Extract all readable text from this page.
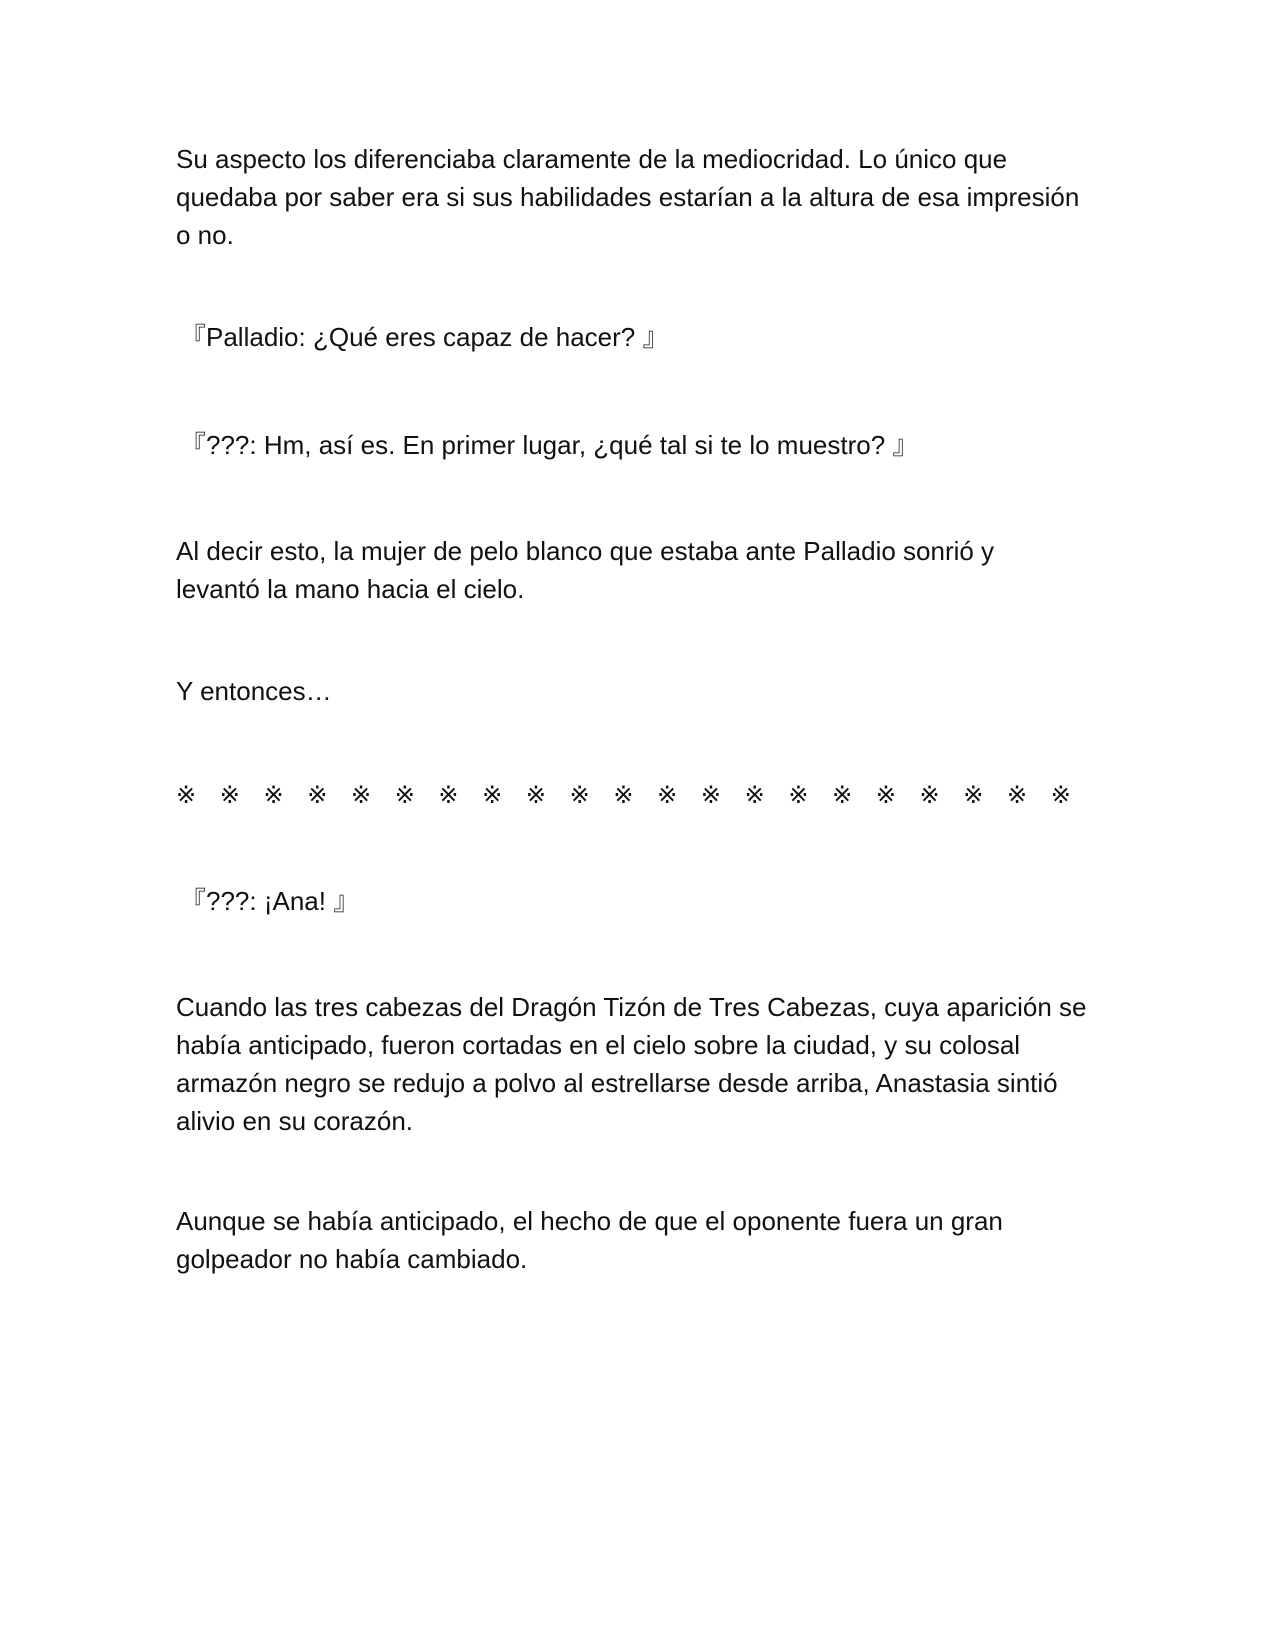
Su aspecto los diferenciaba claramente de la mediocridad. Lo único que
quedaba por saber era si sus habilidades estarían a la altura de esa impresión
o no.

『Palladio: ¿Qué eres capaz de hacer? 』

『???: Hm, así es. En primer lugar, ¿qué tal si te lo muestro? 』

Al decir esto, la mujer de pelo blanco que estaba ante Palladio sonrió y
levantó la mano hacia el cielo.

Y entonces…

※ ※ ※ ※ ※ ※ ※ ※ ※ ※ ※ ※ ※ ※ ※ ※ ※ ※ ※ ※ ※

『???: ¡Ana! 』

Cuando las tres cabezas del Dragón Tizón de Tres Cabezas, cuya aparición se
había anticipado, fueron cortadas en el cielo sobre la ciudad, y su colosal
armazón negro se redujo a polvo al estrellarse desde arriba, Anastasia sintió
alivio en su corazón.

Aunque se había anticipado, el hecho de que el oponente fuera un gran
golpeador no había cambiado.
